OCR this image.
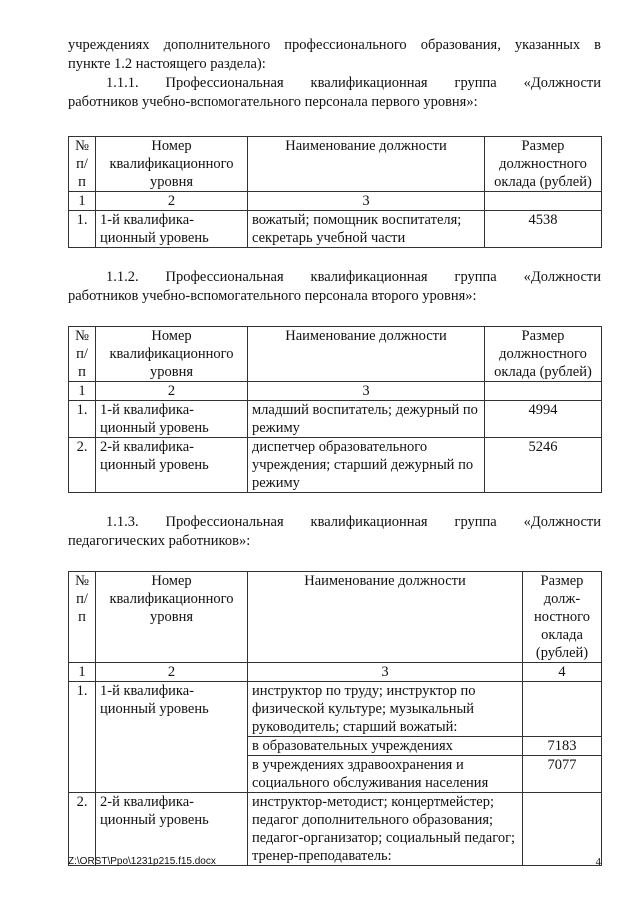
учреждениях дополнительного профессионального образования, указанных в

пункте 1.2 настоящего раздела):

1.1.1. Профессиональная квалификационная группа «Должности

работников учебно-вспомогательного персонала первого уровня»:

№ п/п	Номер квалификационного уровня	Наименование должности	Размер должностного оклада (рублей)
1	2	3	
1.	1-й квалифика-ционный уровень	вожатый; помощник воспитателя; секретарь учебной части	4538

1.1.2. Профессиональная квалификационная группа «Должности

работников учебно-вспомогательного персонала второго уровня»:

№ п/п	Номер квалификационного уровня	Наименование должности	Размер должностного оклада (рублей)
1	2	3	
1.	1-й квалифика-ционный уровень	младший воспитатель; дежурный по режиму	4994
2.	2-й квалифика-ционный уровень	диспетчер образовательного учреждения; старший дежурный по режиму	5246

1.1.3. Профессиональная квалификационная группа «Должности

педагогических работников»:

№ п/п	Номер квалификационного уровня	Наименование должности	Размер долж-ностного оклада (рублей)
1	2	3	4
1.	1-й квалифика-ционный уровень	инструктор по труду; инструктор по физической культуре; музыкальный руководитель; старший вожатый:	
		в образовательных учреждениях	7183
		в учреждениях здравоохранения и социального обслуживания населения	7077
2.	2-й квалифика-ционный уровень	инструктор-методист; концертмейстер; педагог дополнительного образования; педагог-организатор; социальный педагог; тренер-преподаватель:	
Z:\ORST\Ppo\1231p215.f15.docx	4
